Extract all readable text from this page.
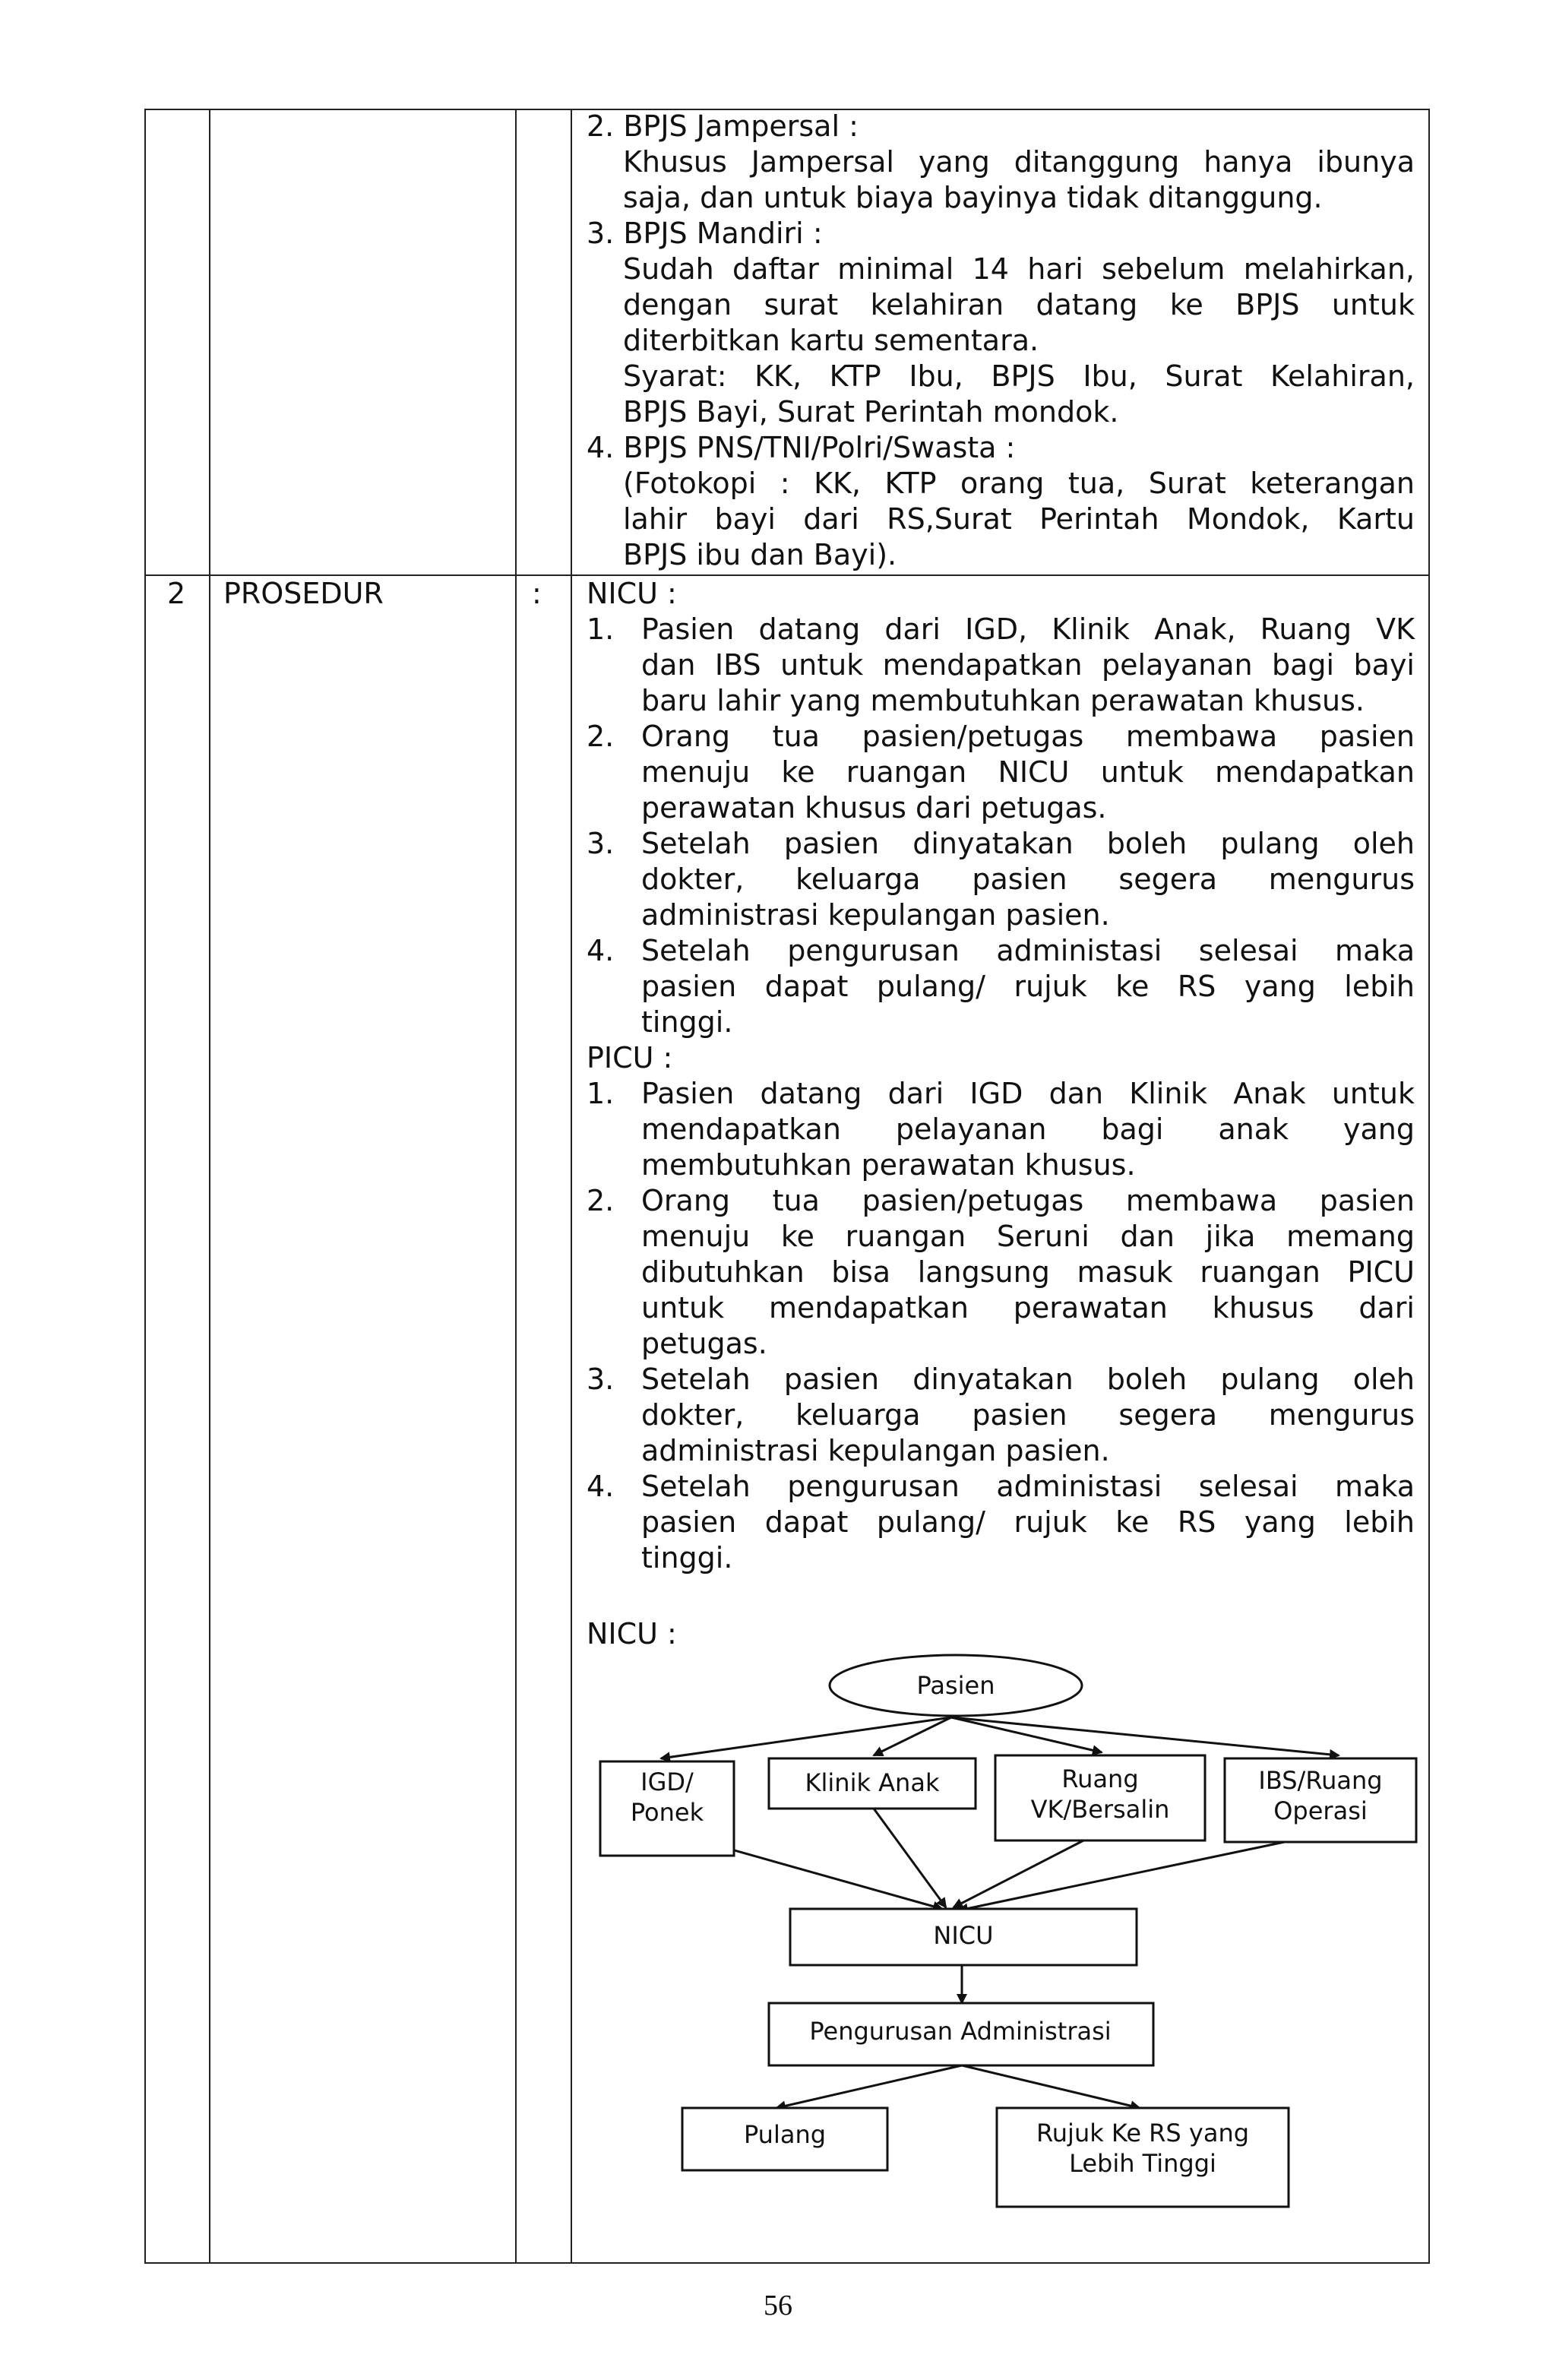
2. BPJS Jampersal :
Khusus Jampersal yang ditanggung hanya ibunya
saja, dan untuk biaya bayinya tidak ditanggung.
3. BPJS Mandiri :
Sudah daftar minimal 14 hari sebelum melahirkan,
dengan surat kelahiran datang ke BPJS untuk
diterbitkan kartu sementara.
Syarat: KK, KTP Ibu, BPJS Ibu, Surat Kelahiran,
BPJS Bayi, Surat Perintah mondok.
4. BPJS PNS/TNI/Polri/Swasta :
(Fotokopi : KK, KTP orang tua, Surat keterangan
lahir bayi dari RS,Surat Perintah Mondok, Kartu
BPJS ibu dan Bayi).
2 PROSEDUR	: NICU :
1. Pasien datang dari IGD, Klinik Anak, Ruang VK
dan IBS untuk mendapatkan pelayanan bagi bayi
baru lahir yang membutuhkan perawatan khusus.
2. Orang tua pasien/petugas membawa pasien
menuju ke ruangan NICU untuk mendapatkan
perawatan khusus dari petugas.
3. Setelah pasien dinyatakan boleh pulang oleh
dokter, keluarga pasien segera mengurus
administrasi kepulangan pasien.
4. Setelah pengurusan administasi selesai maka
pasien dapat pulang/ rujuk ke RS yang lebih
tinggi.
PICU :
1. Pasien datang dari IGD dan Klinik Anak untuk
mendapatkan pelayanan bagi anak yang
membutuhkan perawatan khusus.
2. Orang tua pasien/petugas membawa pasien
menuju ke ruangan Seruni dan jika memang
dibutuhkan bisa langsung masuk ruangan PICU
untuk mendapatkan perawatan khusus dari
petugas.
3. Setelah pasien dinyatakan boleh pulang oleh
dokter, keluarga pasien segera mengurus
administrasi kepulangan pasien.
4. Setelah pengurusan administasi selesai maka
pasien dapat pulang/ rujuk ke RS yang lebih
tinggi.
NICU :
Pasien
IGD/
Ponek
Klinik Anak	Ruang
VK/Bersalin
IBS/Ruang
Operasi
NICU
Pengurusan Administrasi
Pulang	Rujuk Ke RS yang
Lebih Tinggi
56
